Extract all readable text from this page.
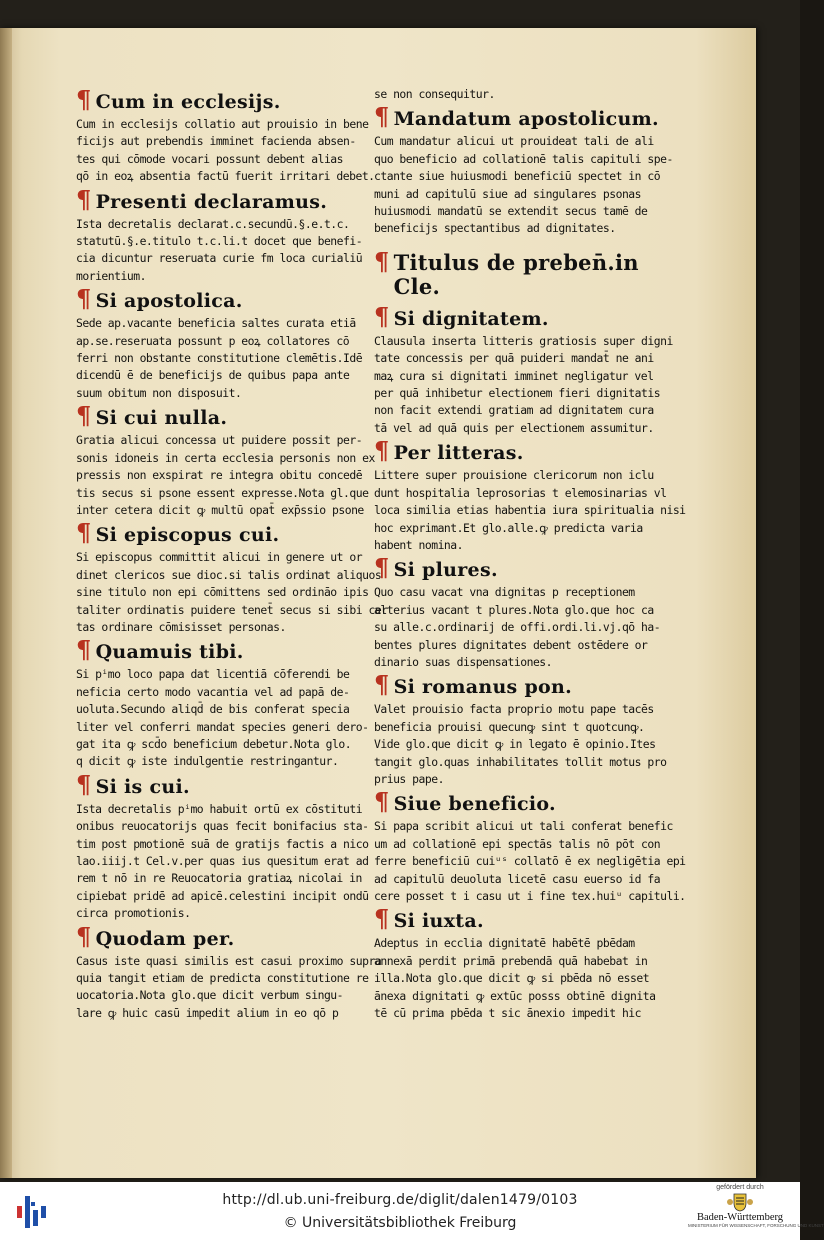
¶ Cum in ecclesijs.
Cum in ecclesijs collatio aut prouisio in bene
ficijs aut prebendis imminet facienda absen-
tes qui cōmode vocari possunt debent alias
qō in eoꝝ absentia factū fuerit irritari debet.
¶ Presenti declaramus.
Ista decretalis declarat.c.secundū.§.e.t.c.
statutū.§.e.titulo t.c.li.t docet que benefi-
cia dicuntur reseruata curie fm loca curialiū
morientium.
¶ Si apostolica.
Sede ap.vacante beneficia saltes curata etiā
ap.se.reseruata possunt p eoꝝ collatores cō
ferri non obstante constitutione clemētis.Idē
dicendū ē de beneficijs de quibus papa ante
suum obitum non disposuit.
¶ Si cui nulla.
Gratia alicui concessa ut puidere possit per-
sonis idoneis in certa ecclesia personis non ex
pressis non exspirat re integra obitu concedē
tis secus si psone essent expresse.Nota gl.que
inter cetera dicit ꝙ multū opat̄ exp̄ssio psone
¶ Si episcopus cui.
Si episcopus committit alicui in genere ut or
dinet clericos sue dioc.si talis ordinat aliquos
sine titulo non epi cōmittens sed ordināo ipis
taliter ordinatis puidere tenet̄ secus si sibi cer
tas ordinare cōmisisset personas.
¶ Quamuis tibi.
Si pⁱmo loco papa dat licentiā cōferendi be
neficia certo modo vacantia vel ad papā de-
uoluta.Secundo aliqd̄ de bis conferat specia
liter vel conferri mandat species generi dero-
gat ita ꝙ scd̄o beneficium debetur.Nota glo.
q dicit ꝙ iste indulgentie restringantur.
¶ Si is cui.
Ista decretalis pⁱmo habuit ortū ex cōstituti
onibus reuocatorijs quas fecit bonifacius sta-
tim post pmotionē suā de gratijs factis a nico
lao.iiij.t Cel.v.per quas ius quesitum erat ad
rem t nō in re Reuocatoria gratiaꝝ nicolai in
cipiebat pridē ad apicē.celestini incipit ondū
circa promotionis.
¶ Quodam per.
Casus iste quasi similis est casui proximo supra
quia tangit etiam de predicta constitutione re
uocatoria.Nota glo.que dicit verbum singu-
lare ꝙ huic casū impedit alium in eo qō p
se non consequitur.
¶ Mandatum apostolicum.
Cum mandatur alicui ut prouideat tali de ali
quo beneficio ad collationē talis capituli spe-
ctante siue huiusmodi beneficiū spectet in cō
muni ad capitulū siue ad singulares psonas
huiusmodi mandatū se extendit secus tamē de
beneficijs spectantibus ad dignitates.
¶ Titulus de preben̄.in Cle.
¶ Si dignitatem.
Clausula inserta litteris gratiosis super digni
tate concessis per quā puideri mandat̄ ne ani
maꝝ cura si dignitati imminet negligatur vel
per quā inhibetur electionem fieri dignitatis
non facit extendi gratiam ad dignitatem cura
tā vel ad quā quis per electionem assumitur.
¶ Per litteras.
Littere super prouisione clericorum non iclu
dunt hospitalia leprosorias t elemosinarias vl
loca similia etias habentia iura spiritualia nisi
hoc exprimant.Et glo.alle.ꝙ predicta varia
habent nomina.
¶ Si plures.
Quo casu vacat vna dignitas p receptionem
alterius vacant t plures.Nota glo.que hoc ca
su alle.c.ordinarij de offi.ordi.li.vj.qō ha-
bentes plures dignitates debent ostēdere or
dinario suas dispensationes.
¶ Si romanus pon.
Valet prouisio facta proprio motu pape tacēs
beneficia prouisi quecunꝙ sint t quotcunꝙ.
Vide glo.que dicit ꝙ in legato ē opinio.Ites
tangit glo.quas inhabilitates tollit motus pro
prius pape.
¶ Siue beneficio.
Si papa scribit alicui ut tali conferat benefic
um ad collationē epi spectās talis nō pōt con
ferre beneficiū cuiᵘˢ collatō ē ex negligētia epi
ad capitulū deuoluta licetē casu euerso id fa
cere posset t i casu ut i fine tex.huiᵘ capituli.
¶ Si iuxta.
Adeptus in ecclia dignitatē habētē pbēdam
annexā perdit primā prebendā quā habebat in
illa.Nota glo.que dicit ꝙ si pbēda nō esset
ānexa dignitati ꝙ extūc posss obtinē dignita
tē cū prima pbēda t sic ānexio impedit hic
http://dl.ub.uni-freiburg.de/diglit/dalen1479/0103
© Universitätsbibliothek Freiburg
gefördert durch
Baden-Württemberg
MINISTERIUM FÜR WISSENSCHAFT, FORSCHUNG UND KUNST
